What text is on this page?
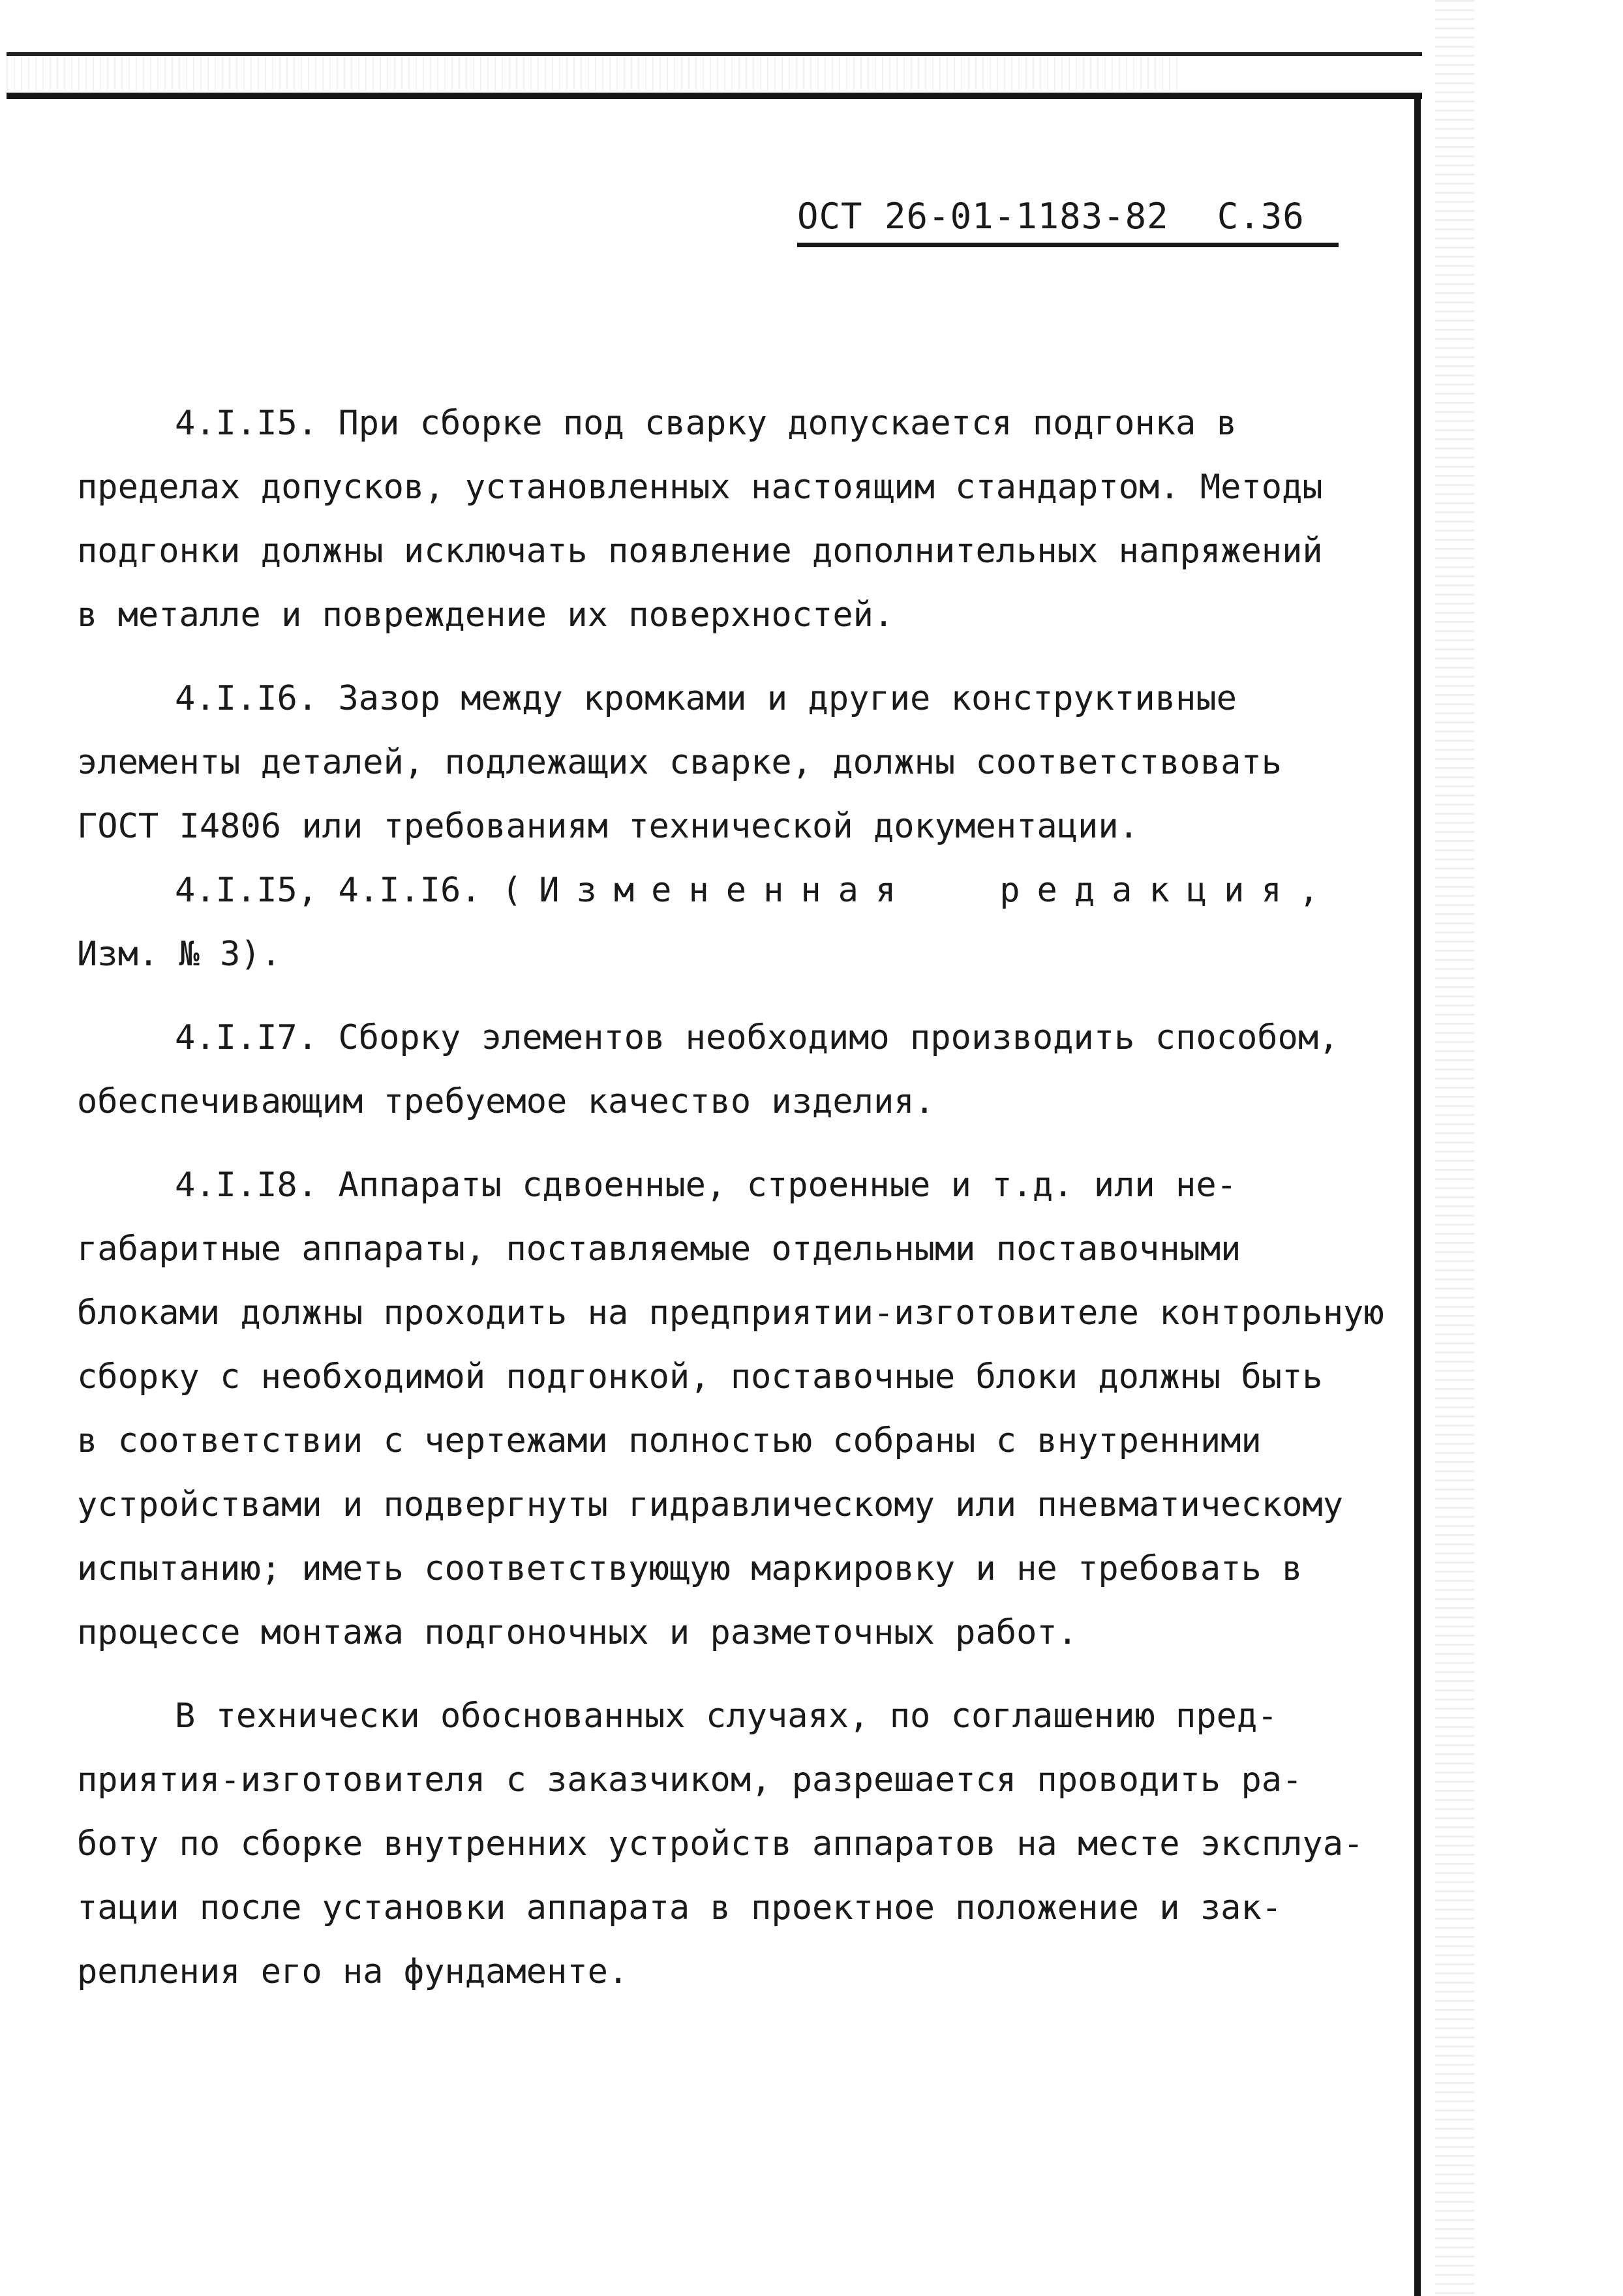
ОСТ 26-01-1183-82 С.36
4.I.I5. При сборке под сварку допускается подгонка в
пределах допусков, установленных настоящим стандартом. Методы
подгонки должны исключать появление дополнительных напряжений
в металле и повреждение их поверхностей.
4.I.I6. Зазор между кромками и другие конструктивные
элементы деталей, подлежащих сварке, должны соответствовать
ГОСТ I4806 или требованиям технической документации.
4.I.I5, 4.I.I6. (Измененная	редакция,
Изм. № 3).
4.I.I7. Сборку элементов необходимо производить способом,
обеспечивающим требуемое качество изделия.
4.I.I8. Аппараты сдвоенные, строенные и т.д. или не-
габаритные аппараты, поставляемые отдельными поставочными
блоками должны проходить на предприятии-изготовителе контрольную
сборку с необходимой подгонкой, поставочные блоки должны быть
в соответствии с чертежами полностью собраны с внутренними
устройствами и подвергнуты гидравлическому или пневматическому
испытанию; иметь соответствующую маркировку и не требовать в
процессе монтажа подгоночных и разметочных работ.
В технически обоснованных случаях, по соглашению пред-
приятия-изготовителя с заказчиком, разрешается проводить ра-
боту по сборке внутренних устройств аппаратов на месте эксплуа-
тации после установки аппарата в проектное положение и зак-
репления его на фундаменте.
